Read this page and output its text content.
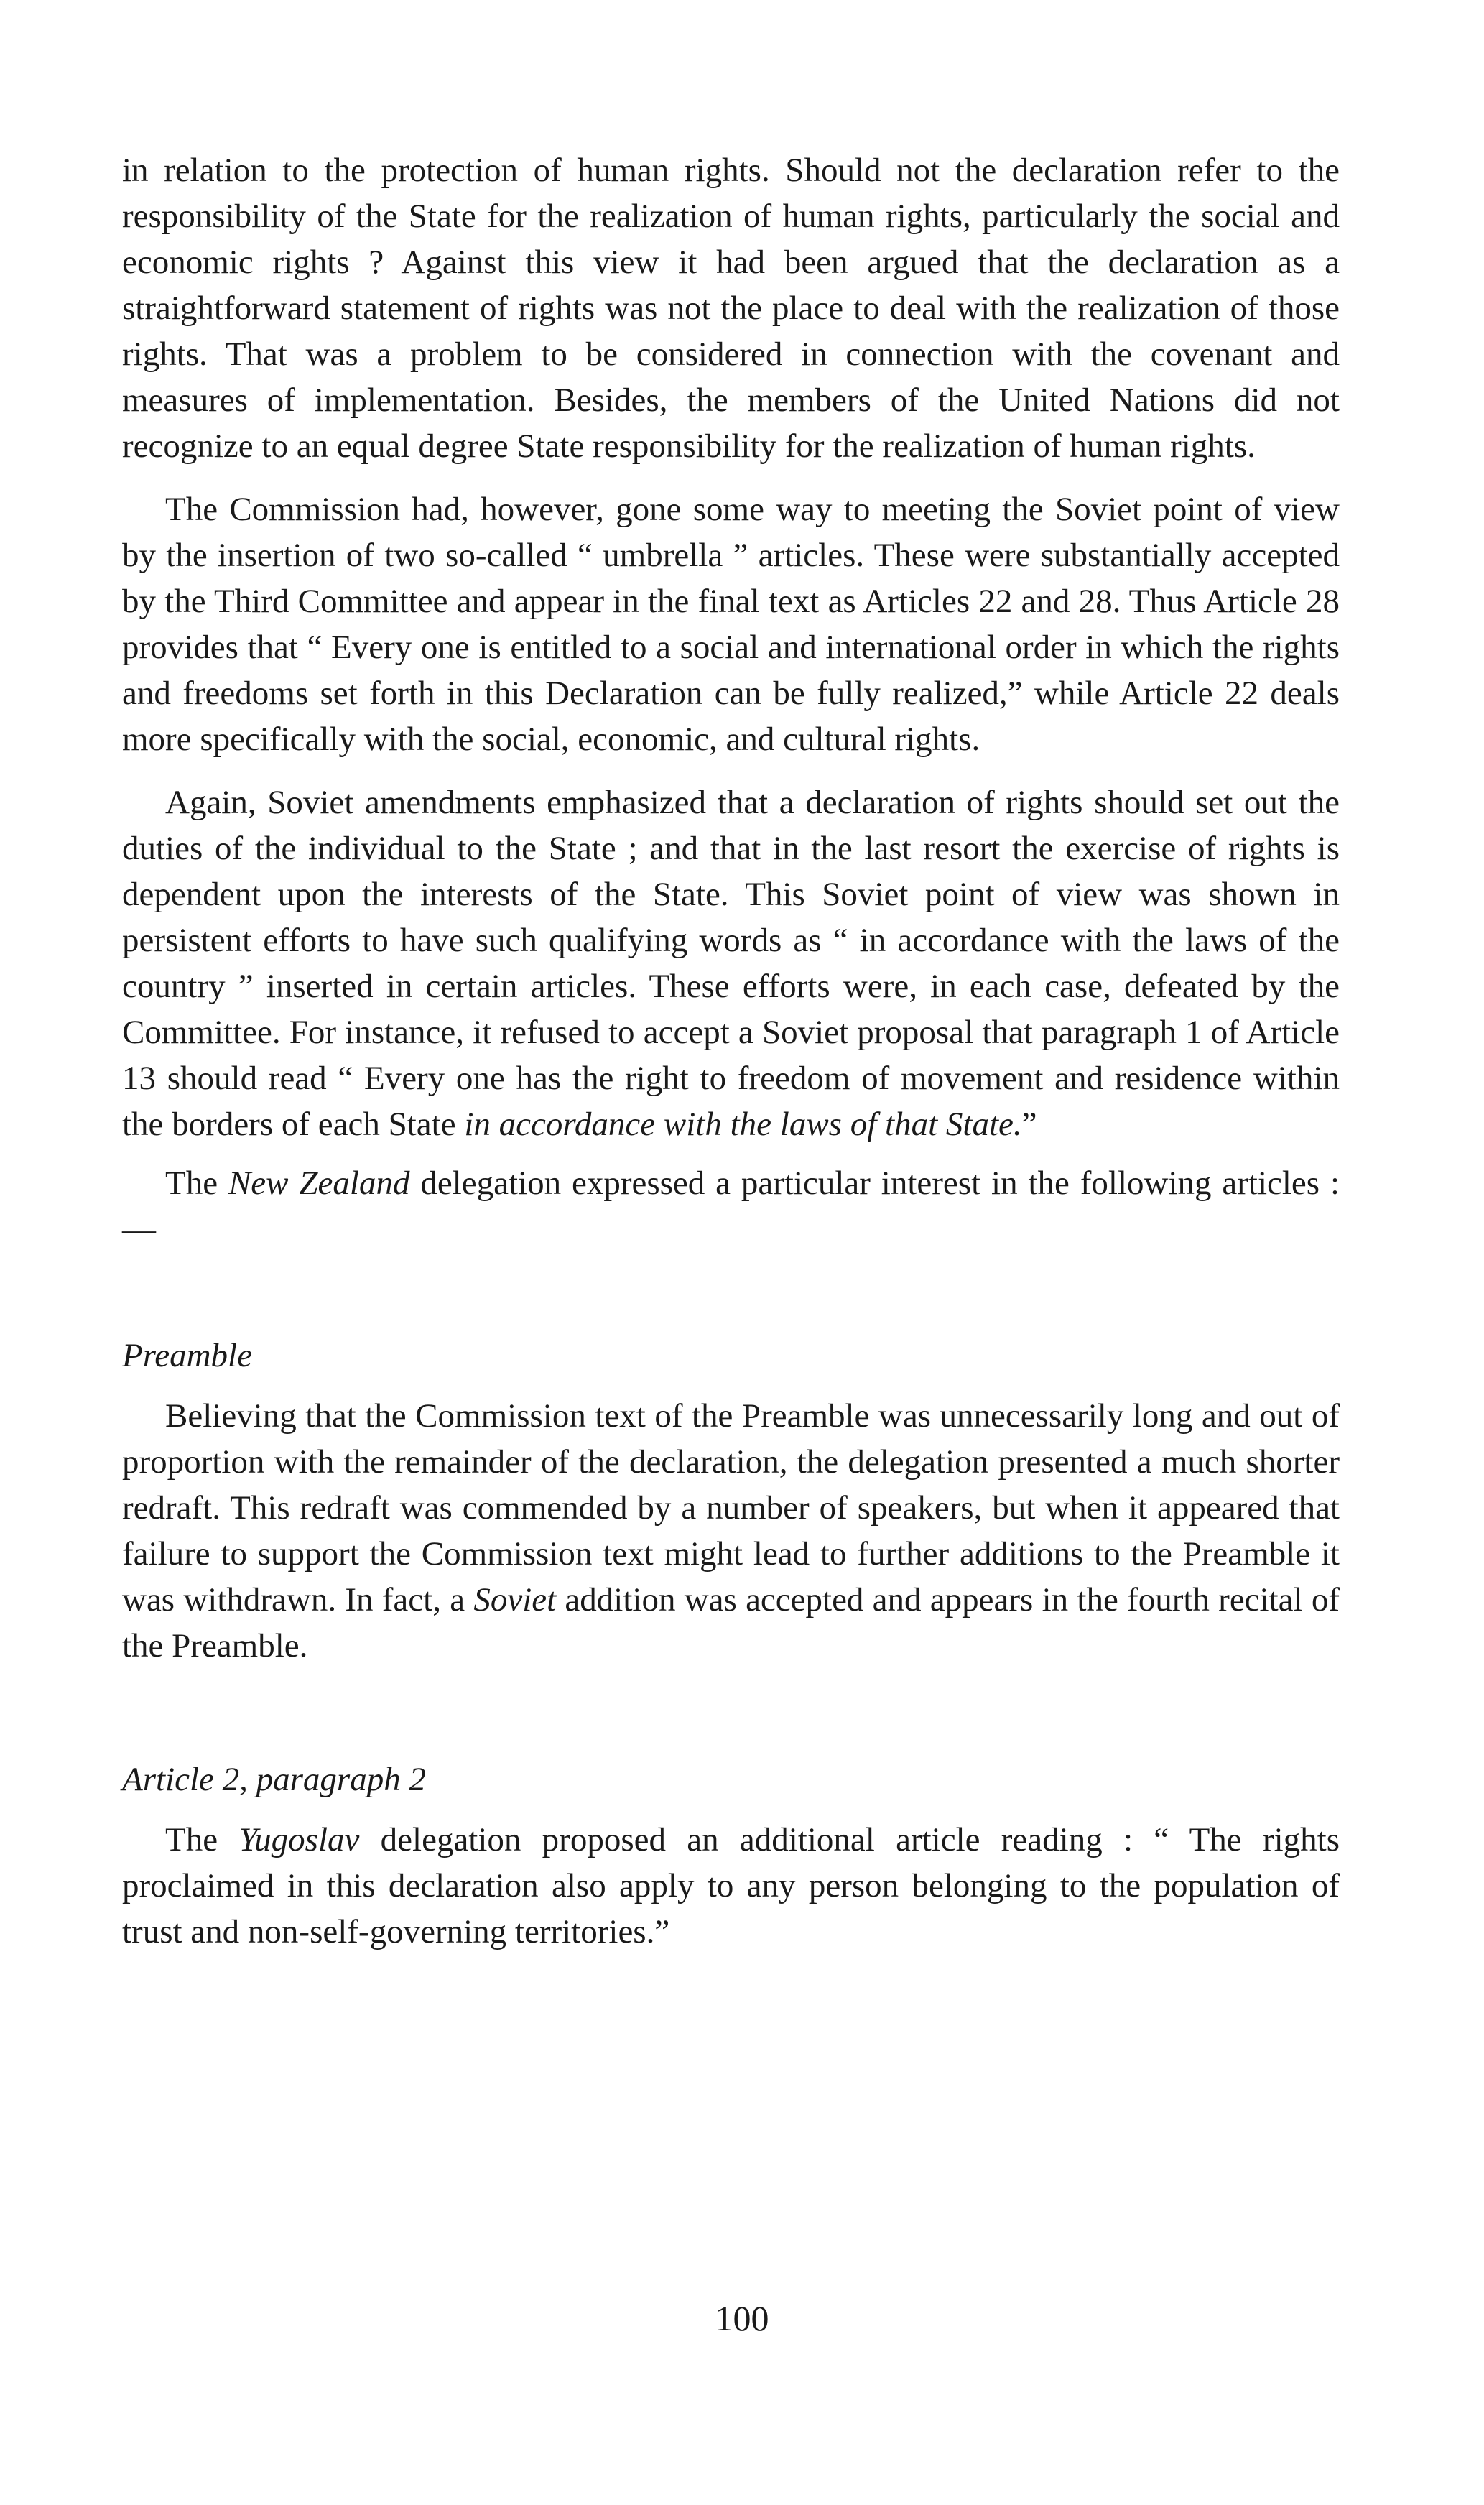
in relation to the protection of human rights. Should not the declaration refer to the responsibility of the State for the realization of human rights, particularly the social and economic rights ? Against this view it had been argued that the declaration as a straightforward statement of rights was not the place to deal with the realization of those rights. That was a problem to be considered in connection with the covenant and measures of implementation. Besides, the members of the United Nations did not recognize to an equal degree State responsibility for the realization of human rights.

The Commission had, however, gone some way to meeting the Soviet point of view by the insertion of two so-called “ umbrella ” articles. These were substantially accepted by the Third Committee and appear in the final text as Articles 22 and 28. Thus Article 28 provides that “ Every one is entitled to a social and international order in which the rights and freedoms set forth in this Declaration can be fully realized,” while Article 22 deals more specifically with the social, economic, and cultural rights.

Again, Soviet amendments emphasized that a declaration of rights should set out the duties of the individual to the State ; and that in the last resort the exercise of rights is dependent upon the interests of the State. This Soviet point of view was shown in persistent efforts to have such qualifying words as “ in accordance with the laws of the country ” inserted in certain articles. These efforts were, in each case, defeated by the Committee. For instance, it refused to accept a Soviet proposal that paragraph 1 of Article 13 should read “ Every one has the right to freedom of movement and residence within the borders of each State in accordance with the laws of that State.”

The New Zealand delegation expressed a particular interest in the following articles :—

Preamble

Believing that the Commission text of the Preamble was unnecessarily long and out of proportion with the remainder of the declaration, the delegation presented a much shorter redraft. This redraft was commended by a number of speakers, but when it appeared that failure to support the Commission text might lead to further additions to the Preamble it was withdrawn. In fact, a Soviet addition was accepted and appears in the fourth recital of the Preamble.

Article 2, paragraph 2

The Yugoslav delegation proposed an additional article reading : “ The rights proclaimed in this declaration also apply to any person belonging to the population of trust and non-self-governing territories.”

100
